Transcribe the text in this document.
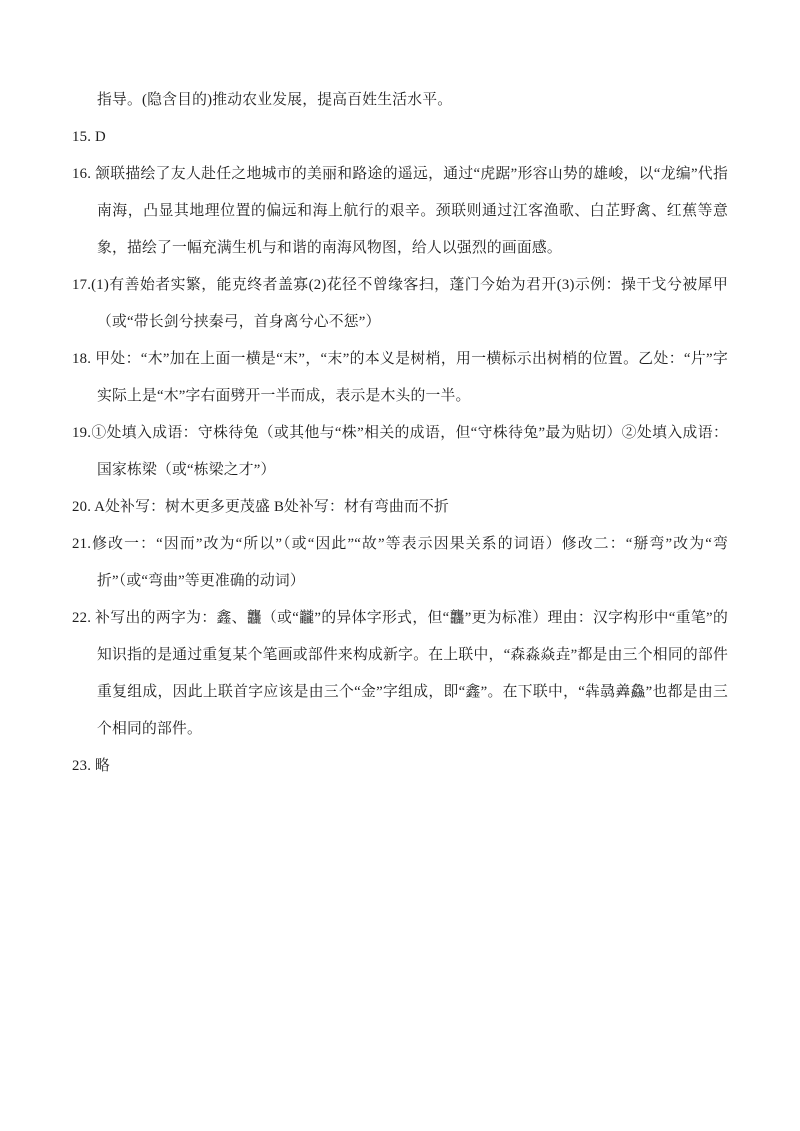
指导。(隐含目的)推动农业发展，提高百姓生活水平。

15. D

16. 颔联描绘了友人赴任之地城市的美丽和路途的遥远，通过“虎踞”形容山势的雄峻，以“龙编”代指南海，凸显其地理位置的偏远和海上航行的艰辛。颈联则通过江客渔歌、白芷野禽、红蕉等意象，描绘了一幅充满生机与和谐的南海风物图，给人以强烈的画面感。

17.(1)有善始者实繁，能克终者盖寡(2)花径不曾缘客扫，蓬门今始为君开(3)示例：操干戈兮被犀甲（或“带长剑兮挟秦弓，首身离兮心不惩”）

18. 甲处：“木”加在上面一横是“末”，“末”的本义是树梢，用一横标示出树梢的位置。乙处：“片”字实际上是“木”字右面劈开一半而成，表示是木头的一半。

19.①处填入成语：守株待兔（或其他与“株”相关的成语，但“守株待兔”最为贴切）②处填入成语：国家栋梁（或“栋梁之才”）

20. A处补写：树木更多更茂盛 B处补写：材有弯曲而不折

21.修改一：“因而”改为“所以”（或“因此”“故”等表示因果关系的词语）修改二：“掰弯”改为“弯折”（或“弯曲”等更准确的动词）

22. 补写出的两字为：鑫、龘（或“龖”的异体字形式，但“龘”更为标准）理由：汉字构形中“重笔”的知识指的是通过重复某个笔画或部件来构成新字。在上联中，“森淼焱垚”都是由三个相同的部件重复组成，因此上联首字应该是由三个“金”字组成，即“鑫”。在下联中，“犇骉羴鱻”也都是由三个相同的部件。

23. 略
